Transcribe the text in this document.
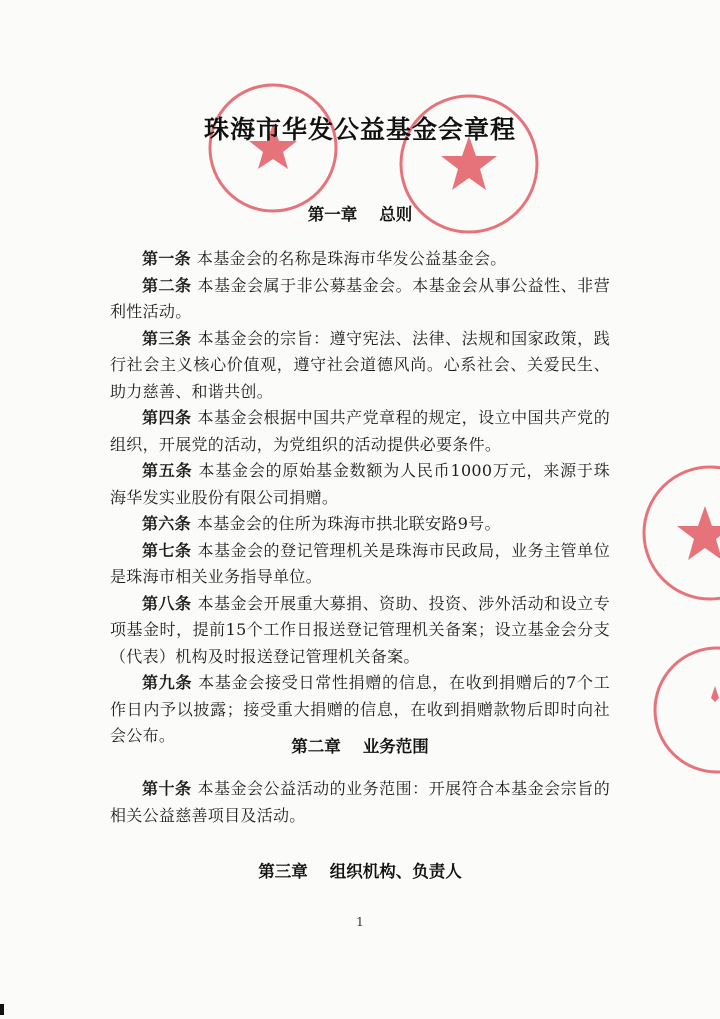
珠海市华发公益基金会章程
第一章 总则

第一条 本基金会的名称是珠海市华发公益基金会。

第二条 本基金会属于非公募基金会。本基金会从事公益性、非营利性活动。

第三条 本基金会的宗旨：遵守宪法、法律、法规和国家政策，践行社会主义核心价值观，遵守社会道德风尚。心系社会、关爱民生、助力慈善、和谐共创。

第四条 本基金会根据中国共产党章程的规定，设立中国共产党的组织，开展党的活动，为党组织的活动提供必要条件。

第五条 本基金会的原始基金数额为人民币1000万元，来源于珠海华发实业股份有限公司捐赠。

第六条 本基金会的住所为珠海市拱北联安路9号。

第七条 本基金会的登记管理机关是珠海市民政局，业务主管单位是珠海市相关业务指导单位。

第八条 本基金会开展重大募捐、资助、投资、涉外活动和设立专项基金时，提前15个工作日报送登记管理机关备案；设立基金会分支（代表）机构及时报送登记管理机关备案。

第九条 本基金会接受日常性捐赠的信息，在收到捐赠后的7个工作日内予以披露；接受重大捐赠的信息，在收到捐赠款物后即时向社会公布。

第二章 业务范围

第十条 本基金会公益活动的业务范围：开展符合本基金会宗旨的相关公益慈善项目及活动。

第三章 组织机构、负责人
1
